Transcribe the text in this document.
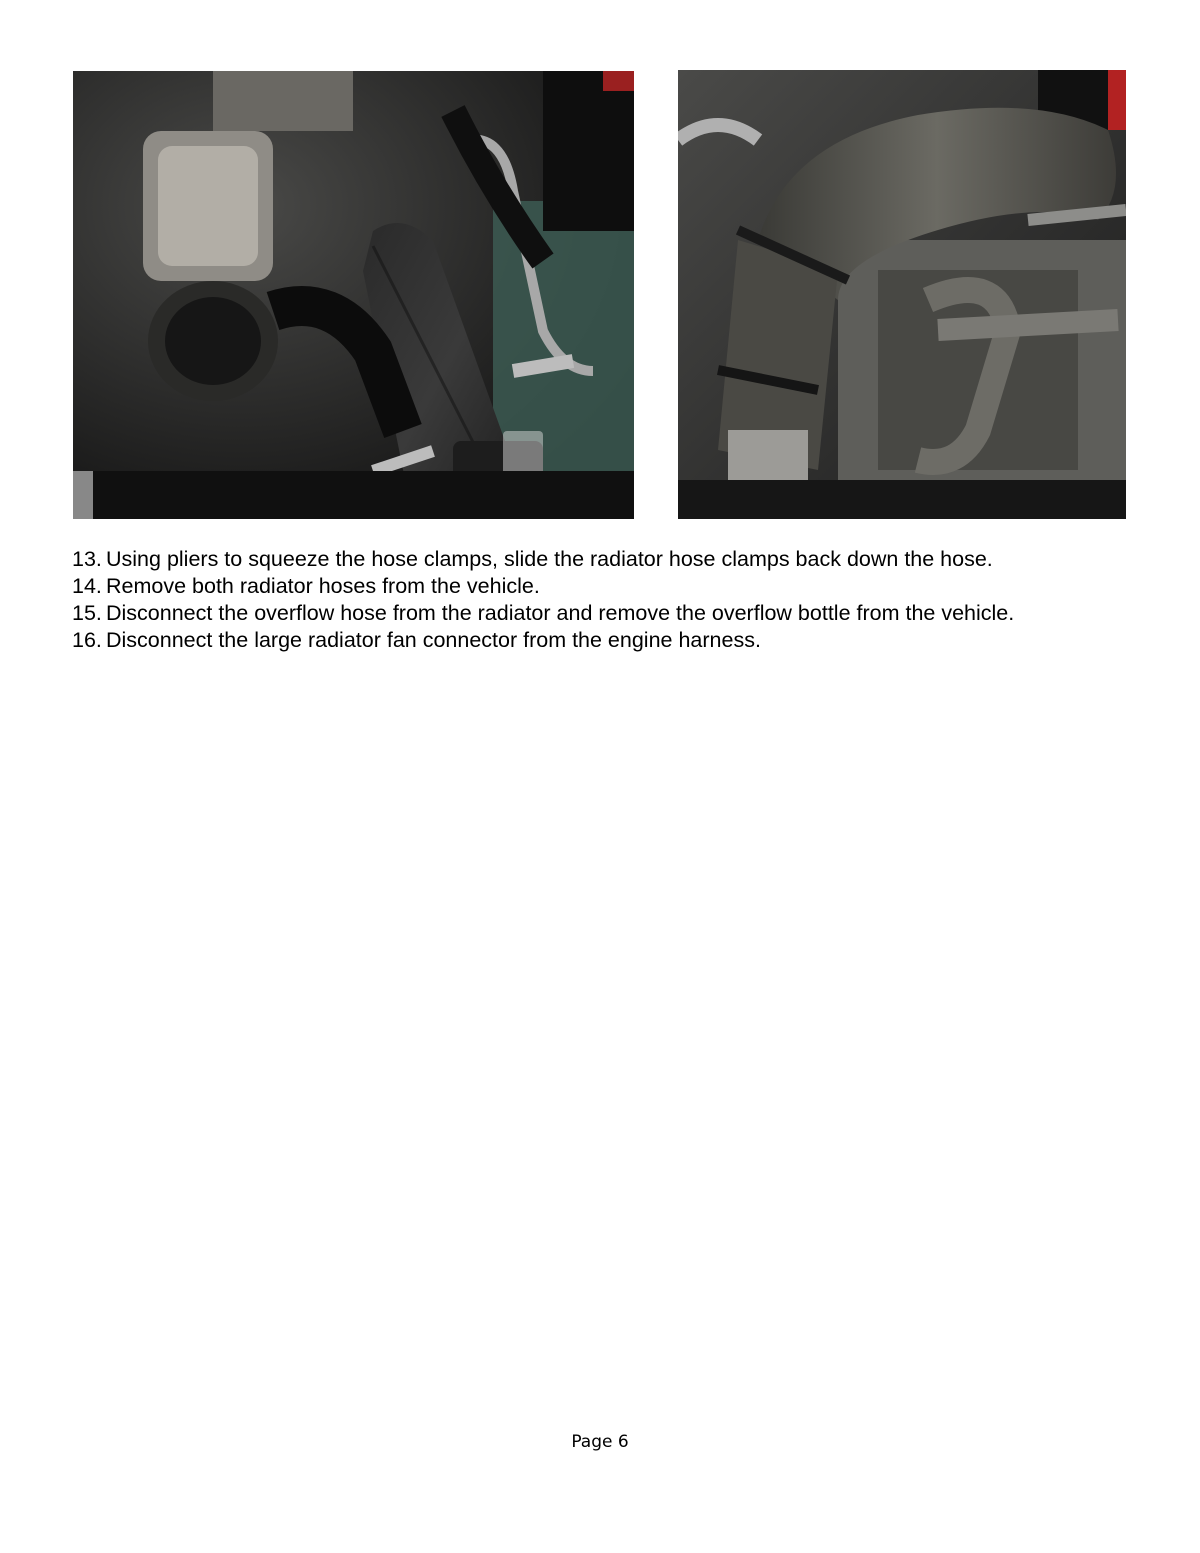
13. Using pliers to squeeze the hose clamps, slide the radiator hose clamps back down the hose.
14. Remove both radiator hoses from the vehicle.
15. Disconnect the overflow hose from the radiator and remove the overflow bottle from the vehicle.
16. Disconnect the large radiator fan connector from the engine harness.
Page 6
